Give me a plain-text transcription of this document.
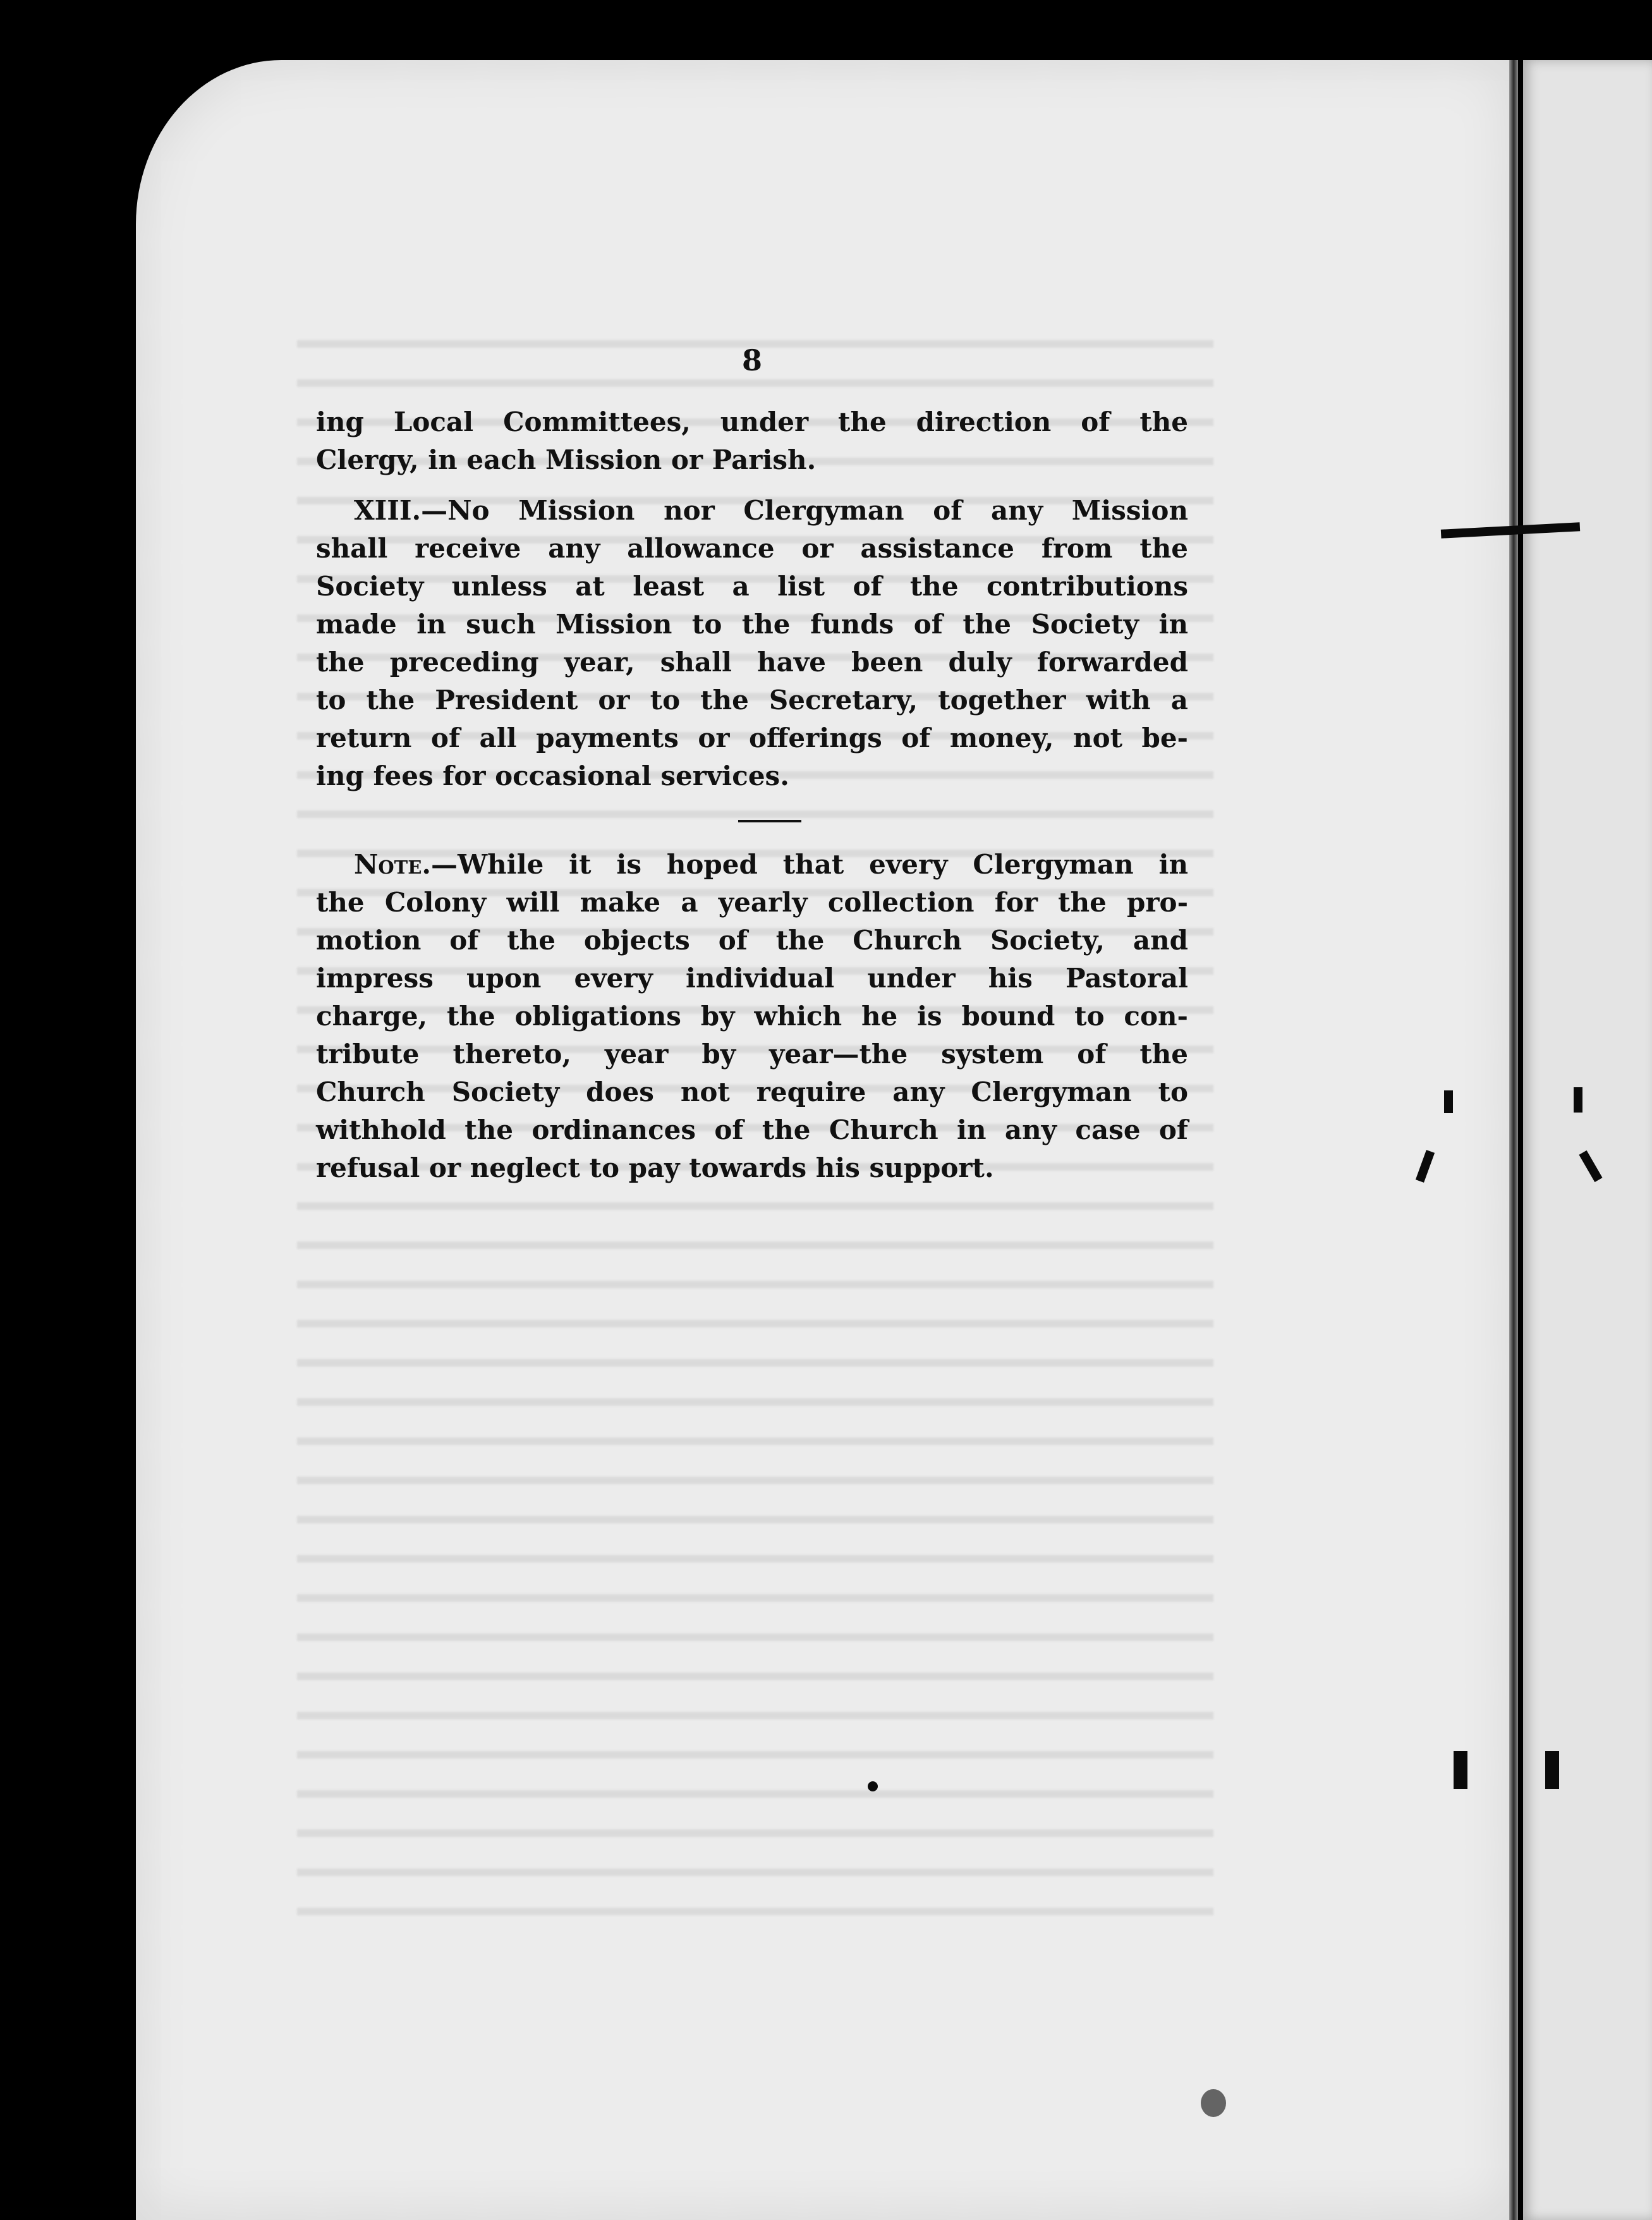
8
ing Local Committees, under the direction of the
Clergy, in each Mission or Parish.
XIII.—No Mission nor Clergyman of any Mission
shall receive any allowance or assistance from the
Society unless at least a list of the contributions
made in such Mission to the funds of the Society in
the preceding year, shall have been duly forwarded
to the President or to the Secretary, together with a
return of all payments or offerings of money, not be-
ing fees for occasional services.
Note.—While it is hoped that every Clergyman in
the Colony will make a yearly collection for the pro-
motion of the objects of the Church Society, and
impress upon every individual under his Pastoral
charge, the obligations by which he is bound to con-
tribute thereto, year by year—the system of the
Church Society does not require any Clergyman to
withhold the ordinances of the Church in any case of
refusal or neglect to pay towards his support.
